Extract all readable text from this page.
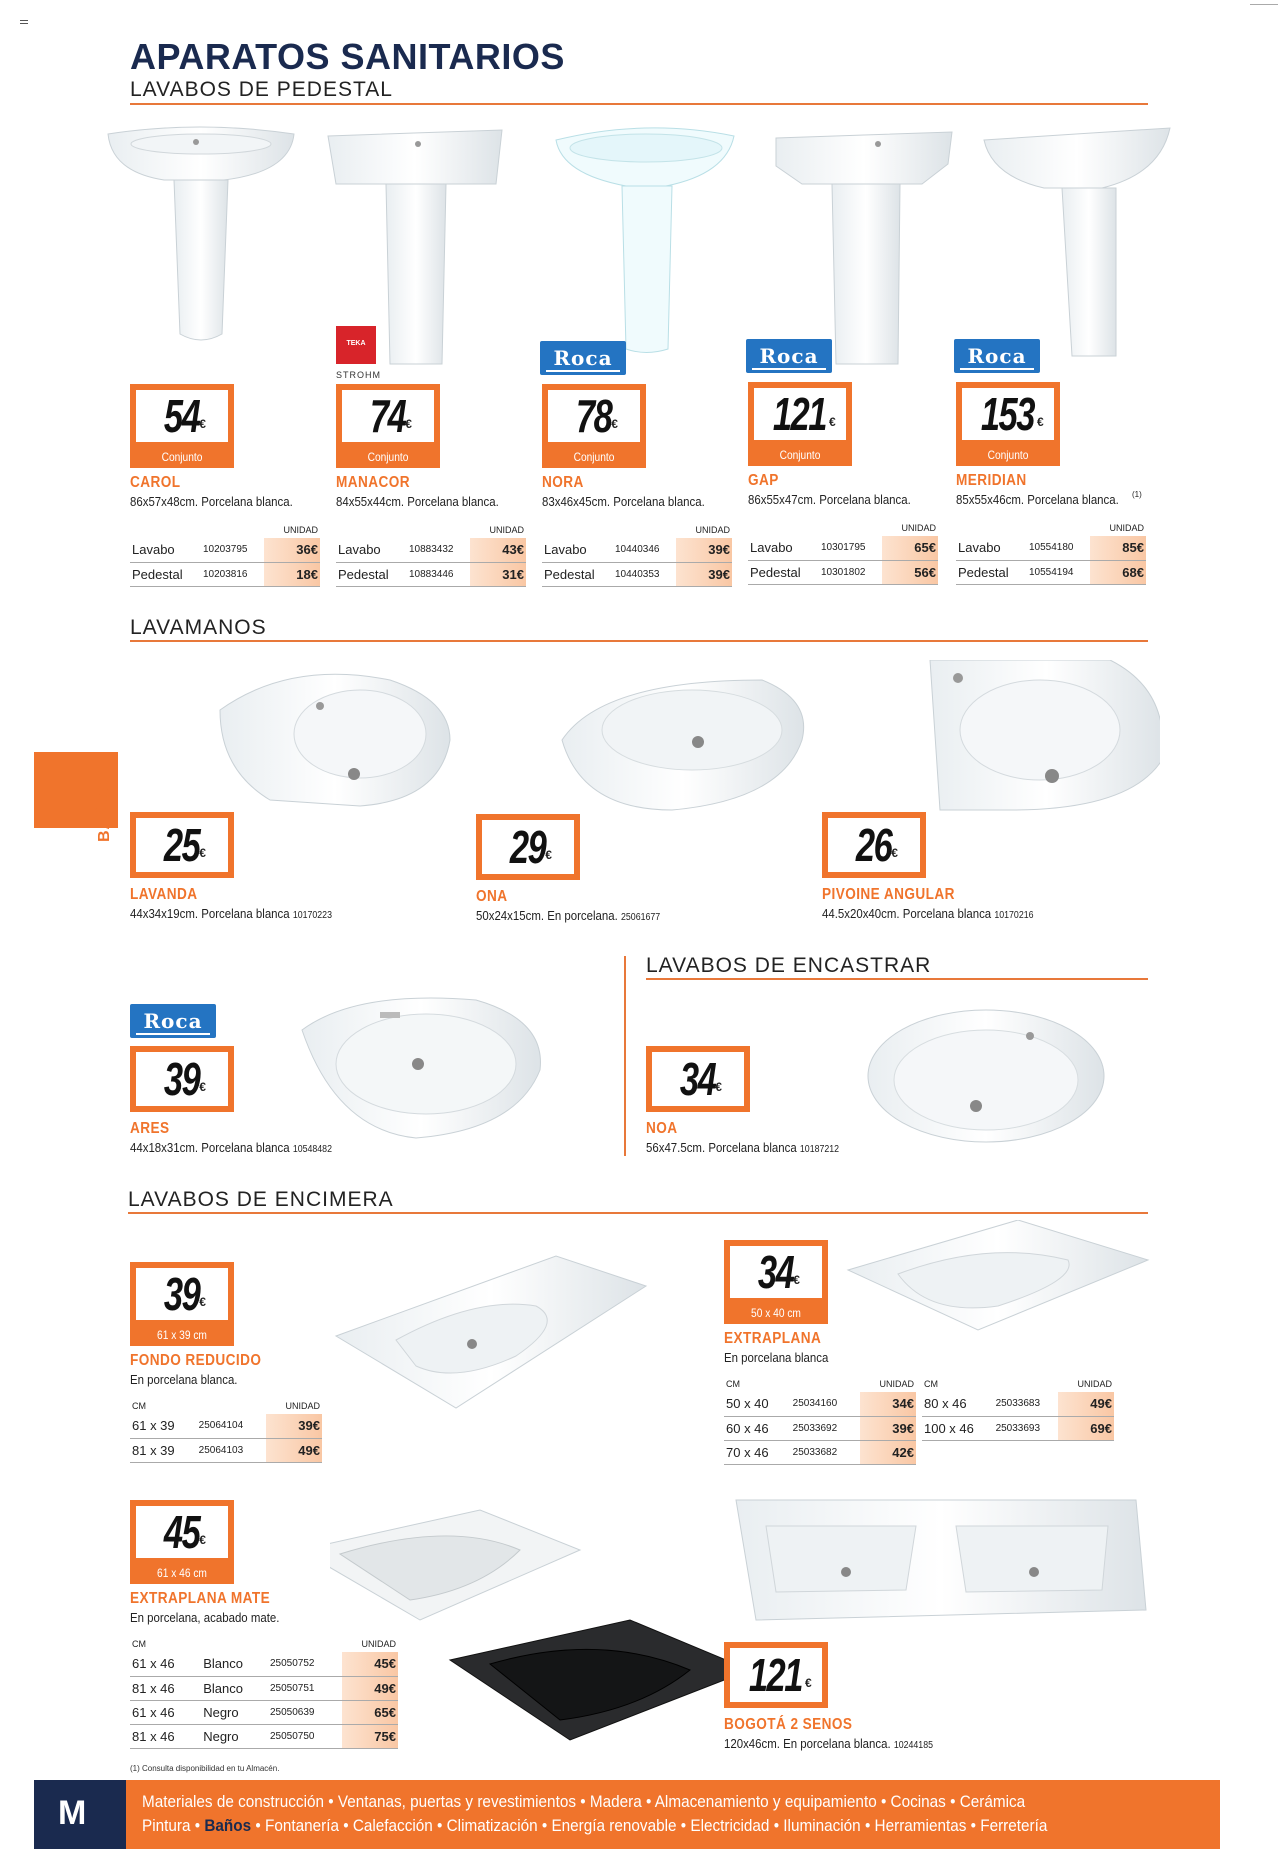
APARATOS SANITARIOS
BAÑOS
LAVABOS DE PEDESTAL
TEKA
STROHM
Roca	Roca	Roca
54 €
Conjunto
CAROL
86x57x48cm. Porcelana blanca.
		UNIDAD
Lavabo	10203795	36€
Pedestal	10203816	18€
74 €
Conjunto
MANACOR
84x55x44cm. Porcelana blanca.
		UNIDAD
Lavabo	10883432	43€
Pedestal	10883446	31€
78 €
Conjunto
NORA
83x46x45cm. Porcelana blanca.
		UNIDAD
Lavabo	10440346	39€
Pedestal	10440353	39€
121 €
Conjunto
GAP
86x55x47cm. Porcelana blanca.
		UNIDAD
Lavabo	10301795	65€
Pedestal	10301802	56€
153 €
Conjunto
MERIDIAN
85x55x46cm. Porcelana blanca. (1)
		UNIDAD
Lavabo	10554180	85€
Pedestal	10554194	68€
LAVAMANOS
25 €
LAVANDA
44x34x19cm. Porcelana blanca 10170223
29 €
ONA
50x24x15cm. En porcelana. 25061677
26 €
PIVOINE ANGULAR
44.5x20x40cm. Porcelana blanca 10170216
39 €
ARES
44x18x31cm. Porcelana blanca 10548482
LAVABOS DE ENCASTRAR
Roca
34 €
NOA
56x47.5cm. Porcelana blanca 10187212
LAVABOS DE ENCIMERA
39 €
61 x 39 cm
FONDO REDUCIDO
En porcelana blanca.
CM		UNIDAD
61 x 39	25064104	39€
81 x 39	25064103	49€
34 €
50 x 40 cm
EXTRAPLANA
En porcelana blanca
CM		UNIDAD
50 x 40	25034160	34€
60 x 46	25033692	39€
70 x 46	25033682	42€
CM		UNIDAD
80 x 46	25033683	49€
100 x 46	25033693	69€
45 €
61 x 46 cm
EXTRAPLANA MATE
En porcelana, acabado mate.
CM			UNIDAD
61 x 46	Blanco	25050752	45€
81 x 46	Blanco	25050751	49€
61 x 46	Negro	25050639	65€
81 x 46	Negro	25050750	75€
121 €
BOGOTÁ 2 SENOS
120x46cm. En porcelana blanca. 10244185
(1) Consulta disponibilidad en tu Almacén.
M	Materiales de construcción • Ventanas, puertas y revestimientos • Madera • Almacenamiento y equipamiento • Cocinas • Cerámica
Pintura • Baños • Fontanería • Calefacción • Climatización • Energía renovable • Electricidad • Iluminación • Herramientas • Ferretería
